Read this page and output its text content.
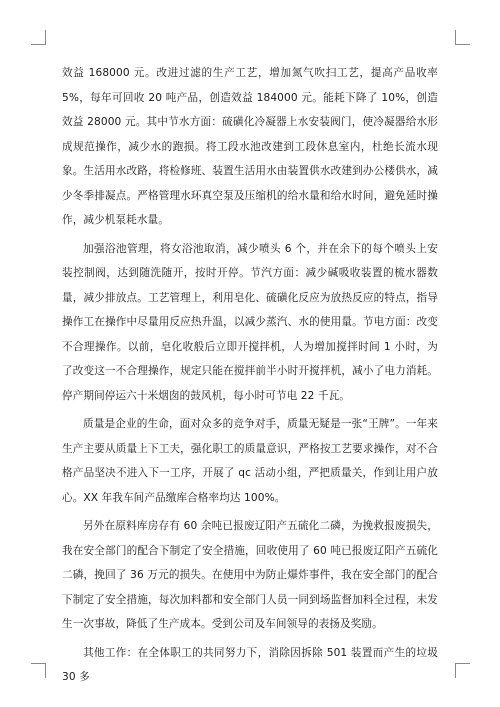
效益 168000 元。改进过滤的生产工艺，增加氮气吹扫工艺，提高产品收率 5%，每年可回收 20 吨产品，创造效益 184000 元。能耗下降了 10%，创造效益 28000 元。其中节水方面：硫磺化冷凝器上水安装阀门，使冷凝器给水形成规范操作，减少水的跑损。将工段水池改建到工段休息室内，杜绝长流水现象。生活用水改路，将检修班、装置生活用水由装置供水改建到办公楼供水，减少冬季排凝点。严格管理水环真空泵及压缩机的给水量和给水时间，避免延时操作，减少机泵耗水量。

加强浴池管理，将女浴池取消，减少喷头 6 个，并在余下的每个喷头上安装控制阀，达到随洗随开，按时开停。节汽方面：减少碱吸收装置的梳水器数量，减少排放点。工艺管理上，利用皂化、硫磺化反应为放热反应的特点，指导操作工在操作中尽量用反应热升温，以减少蒸汽、水的使用量。节电方面：改变不合理操作。以前，皂化收般后立即开搅拌机，人为增加搅拌时间 1 小时，为了改变这一不合理操作，规定只能在搅拌前半小时开搅拌机，减小了电力消耗。停产期间停运六十米烟囱的鼓风机，每小时可节电 22 千瓦。

质量是企业的生命，面对众多的竞争对手，质量无疑是一张“王牌”。一年来生产主要从质量上下工夫，强化职工的质量意识，严格按工艺要求操作，对不合格产品坚决不进入下一工序，开展了 qc 活动小组，严把质量关，作到让用户放心。XX 年我车间产品缴库合格率均达 100%。

另外在原料库房存有 60 余吨已报废辽阳产五硫化二磷，为挽救报废损失，我在安全部门的配合下制定了安全措施，回收使用了 60 吨已报废辽阳产五硫化二磷，挽回了 36 万元的损失。在使用中为防止爆炸事件，我在安全部门的配合下制定了安全措施，每次加料都和安全部门人员一同到场监督加料全过程，未发生一次事故，降低了生产成本。受到公司及车间领导的表扬及奖励。

其他工作：在全体职工的共同努力下，消除因拆除 501 装置而产生的垃圾 30 多
